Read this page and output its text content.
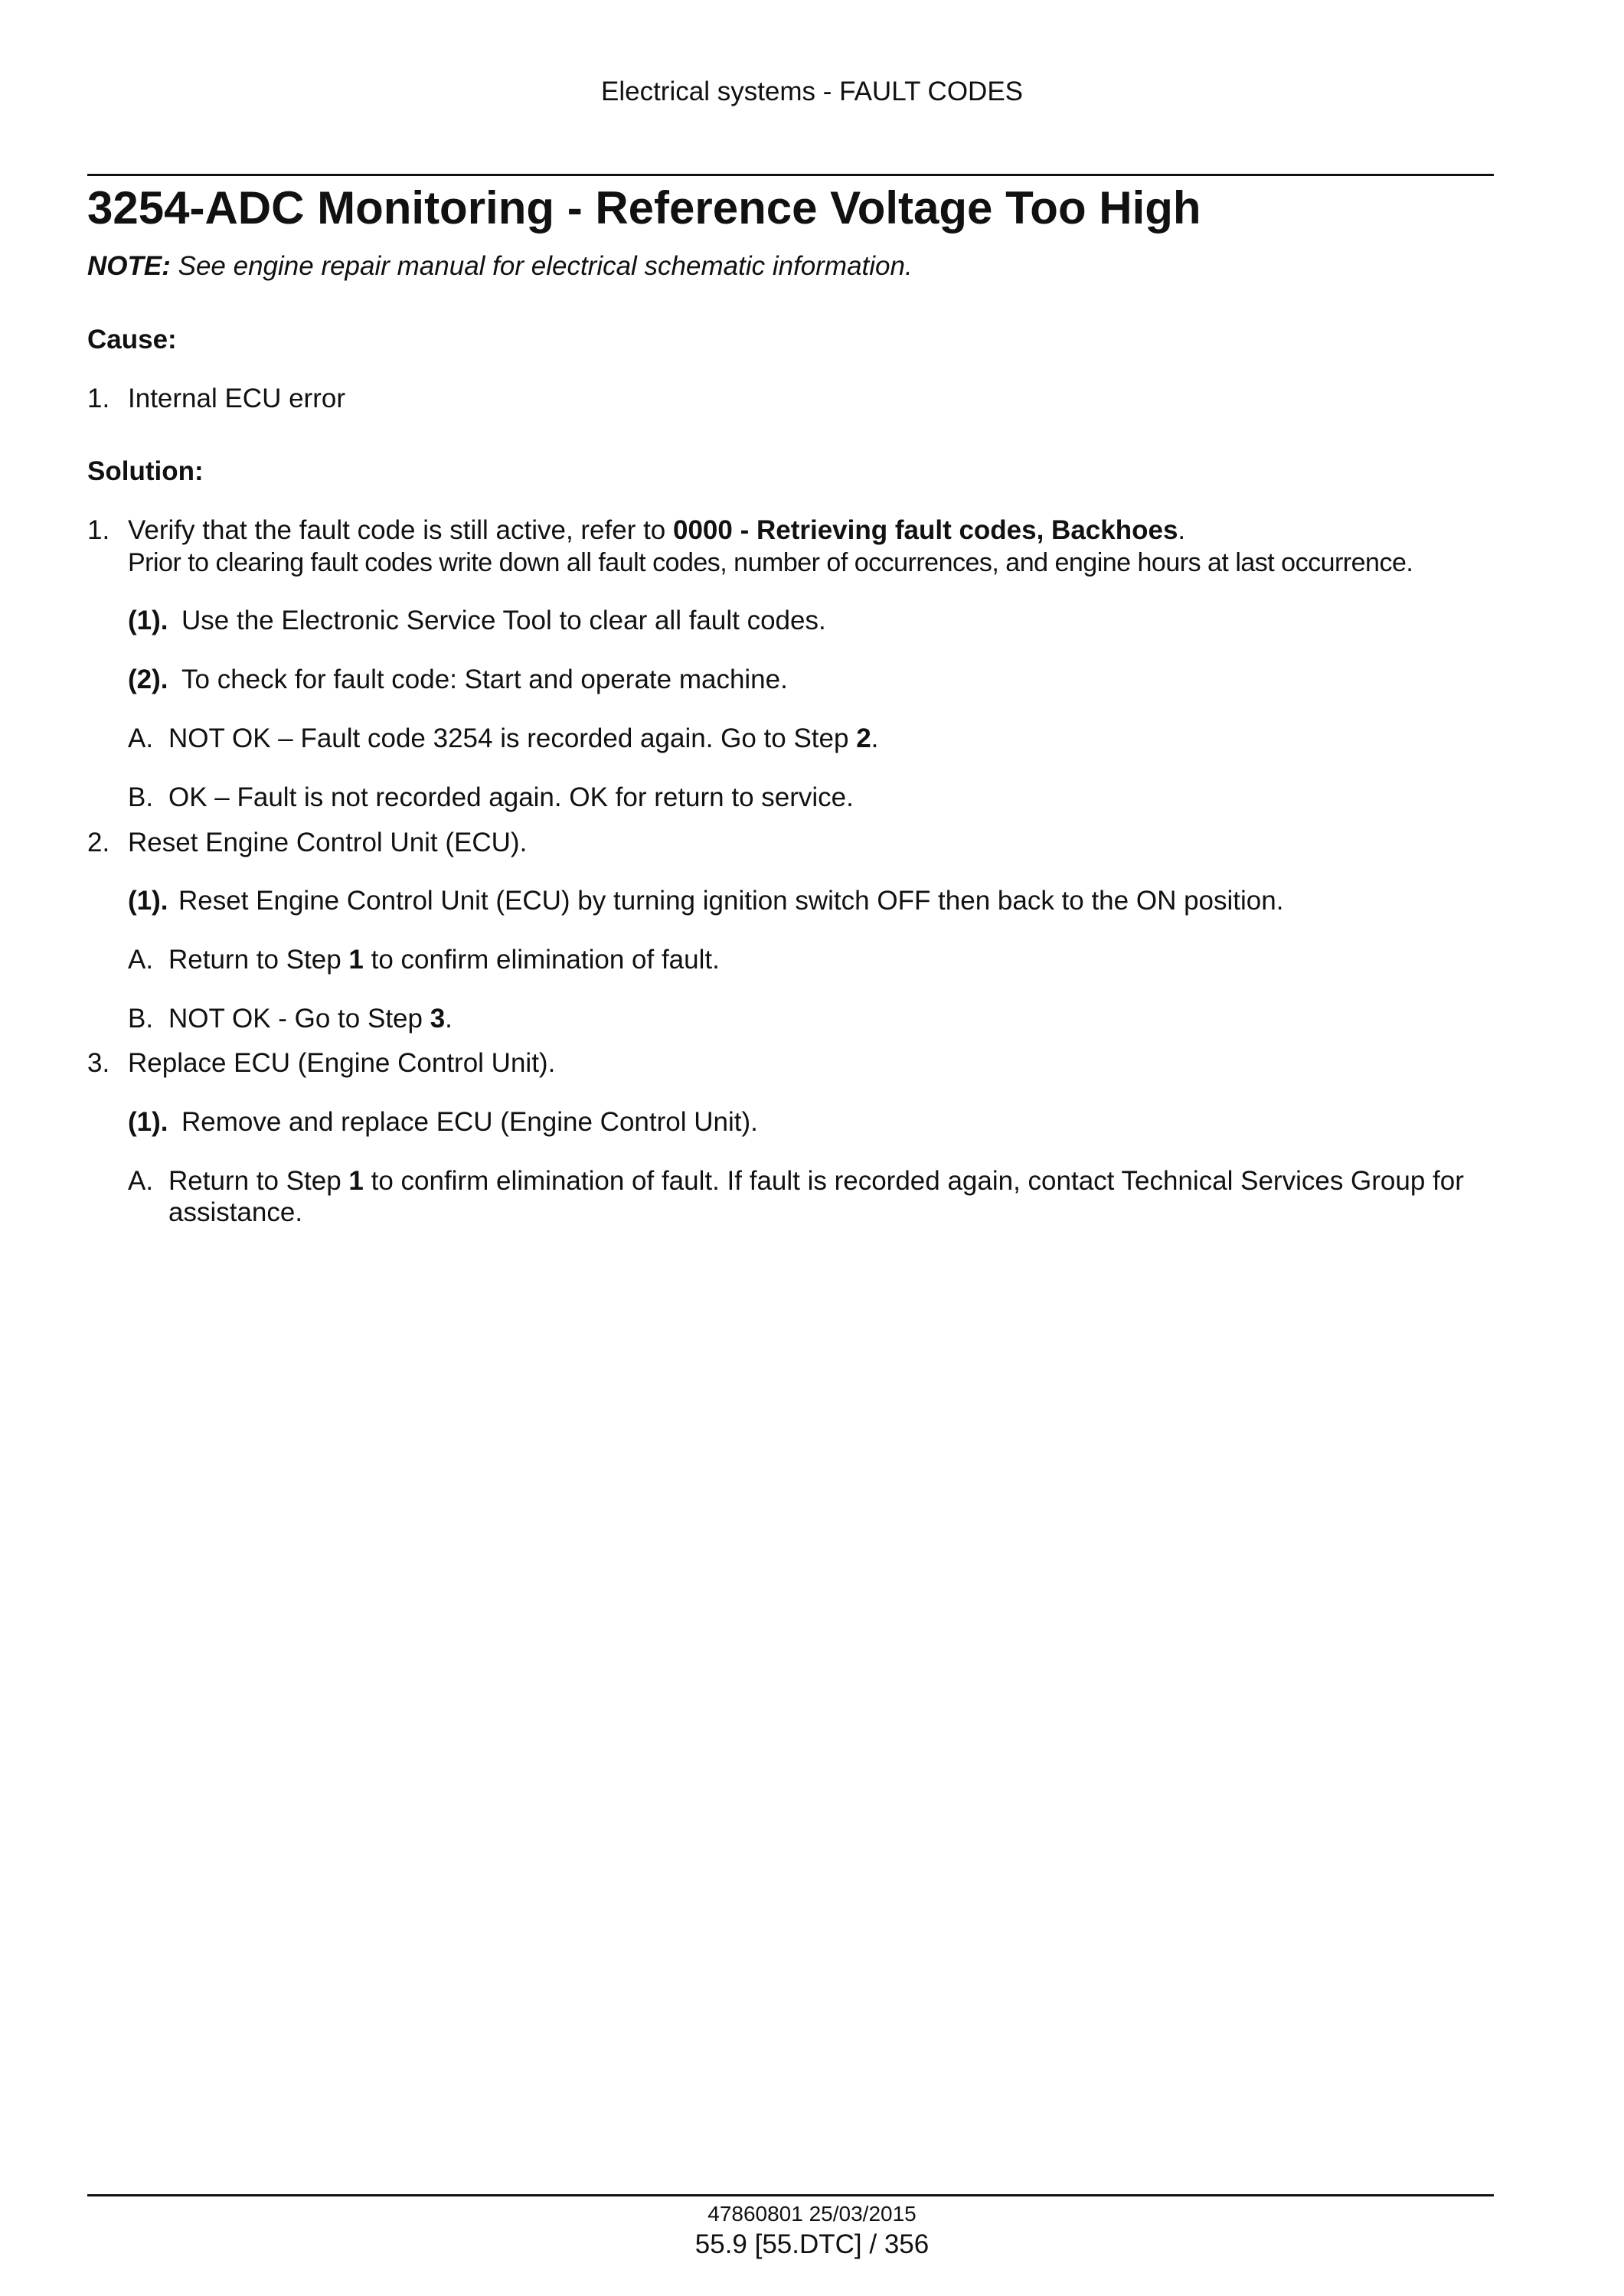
Electrical systems - FAULT CODES
3254-ADC Monitoring - Reference Voltage Too High
NOTE: See engine repair manual for electrical schematic information.
Cause:
1. Internal ECU error
Solution:
1. Verify that the fault code is still active, refer to 0000 - Retrieving fault codes, Backhoes.
Prior to clearing fault codes write down all fault codes, number of occurrences, and engine hours at last occurrence.
(1). Use the Electronic Service Tool to clear all fault codes.
(2). To check for fault code: Start and operate machine.
A. NOT OK – Fault code 3254 is recorded again. Go to Step 2.
B. OK – Fault is not recorded again. OK for return to service.
2. Reset Engine Control Unit (ECU).
(1). Reset Engine Control Unit (ECU) by turning ignition switch OFF then back to the ON position.
A. Return to Step 1 to confirm elimination of fault.
B. NOT OK - Go to Step 3.
3. Replace ECU (Engine Control Unit).
(1). Remove and replace ECU (Engine Control Unit).
A. Return to Step 1 to confirm elimination of fault. If fault is recorded again, contact Technical Services Group for
assistance.
47860801 25/03/2015
55.9 [55.DTC] / 356
